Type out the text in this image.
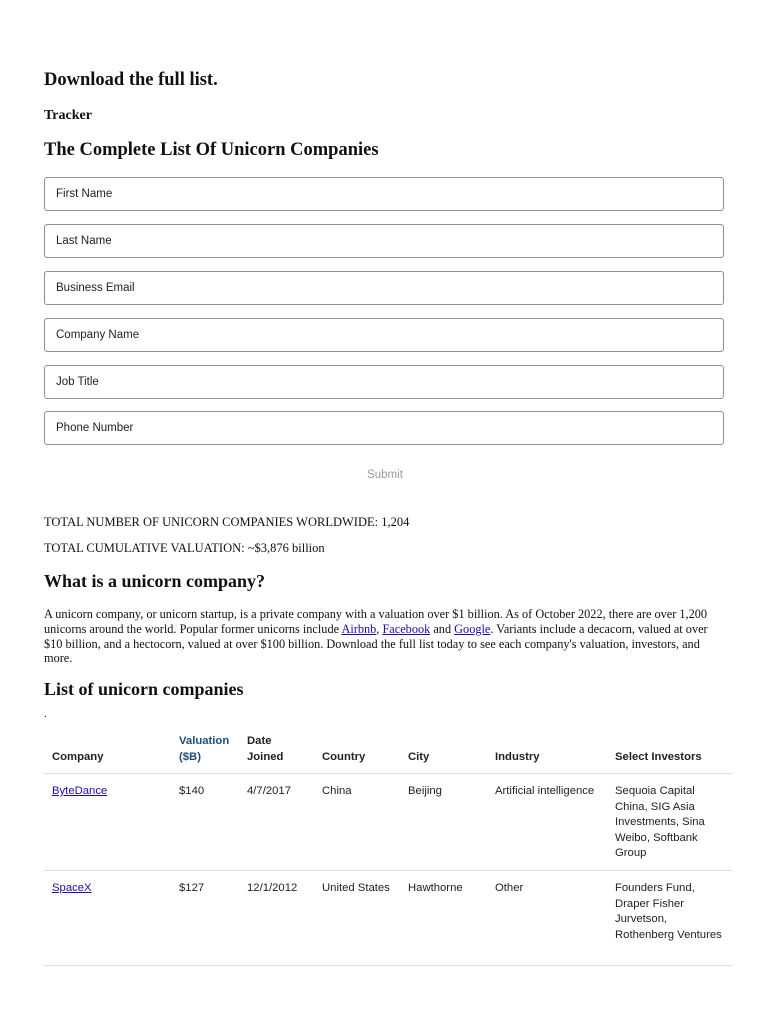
Download the full list.

Tracker

The Complete List Of Unicorn Companies
First Name
Last Name
Business Email
Company Name
Job Title
Phone Number
Submit

TOTAL NUMBER OF UNICORN COMPANIES WORLDWIDE: 1,204

TOTAL CUMULATIVE VALUATION: ~$3,876 billion

What is a unicorn company?

A unicorn company, or unicorn startup, is a private company with a valuation over $1 billion. As of October 2022, there are over 1,200 unicorns around the world. Popular former unicorns include Airbnb, Facebook and Google. Variants include a decacorn, valued at over $10 billion, and a hectocorn, valued at over $100 billion. Download the full list today to see each company's valuation, investors, and more.

List of unicorn companies
.
Company	Valuation ($B)	Date Joined	Country	City	Industry	Select Investors
ByteDance	$140	4/7/2017	China	Beijing	Artificial intelligence	Sequoia Capital China, SIG Asia Investments, Sina Weibo, Softbank Group
SpaceX	$127	12/1/2012	United States	Hawthorne	Other	Founders Fund, Draper Fisher Jurvetson, Rothenberg Ventures
